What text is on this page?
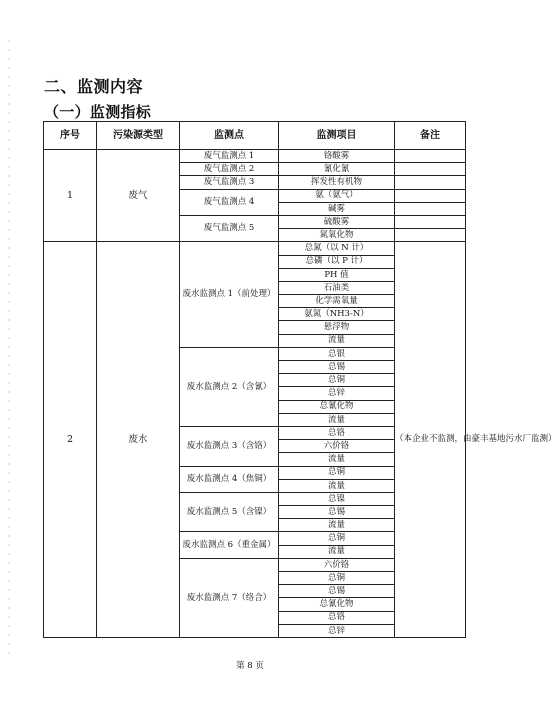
二、监测内容
（一）监测指标
序号	污染源类型	监测点	监测项目	备注
1	废气	废气监测点 1	铬酸雾	
		废气监测点 2	氰化氰	
		废气监测点 3	挥发性有机物	
		废气监测点 4	氨（氨气）	
			碱雾	
		废气监测点 5	硫酸雾	
			氮氧化物	
2	废水	废水监测点 1（前处理）	总氮（以 N 计）	（本企业不监测，由豪丰基地污水厂监测）
			总磷（以 P 计）	
			PH 值	
			石油类	
			化学需氧量	
			氨氮（NH3-N）	
			悬浮物	
			流量	
		废水监测点 2（含氰）	总银	
			总锡	
			总铜	
			总锌	
			总氰化物	
			流量	
		废水监测点 3（含铬）	总铬	
			六价铬	
			流量	
		废水监测点 4（焦铜）	总铜	
			流量	
		废水监测点 5（含镍）	总镍	
			总锡	
			流量	
		废水监测点 6（重金属）	总铜	
			流量	
		废水监测点 7（络合）	六价铬	
			总铜	
			总锡	
			总氰化物	
			总铬	
			总锌	
第 8 页
